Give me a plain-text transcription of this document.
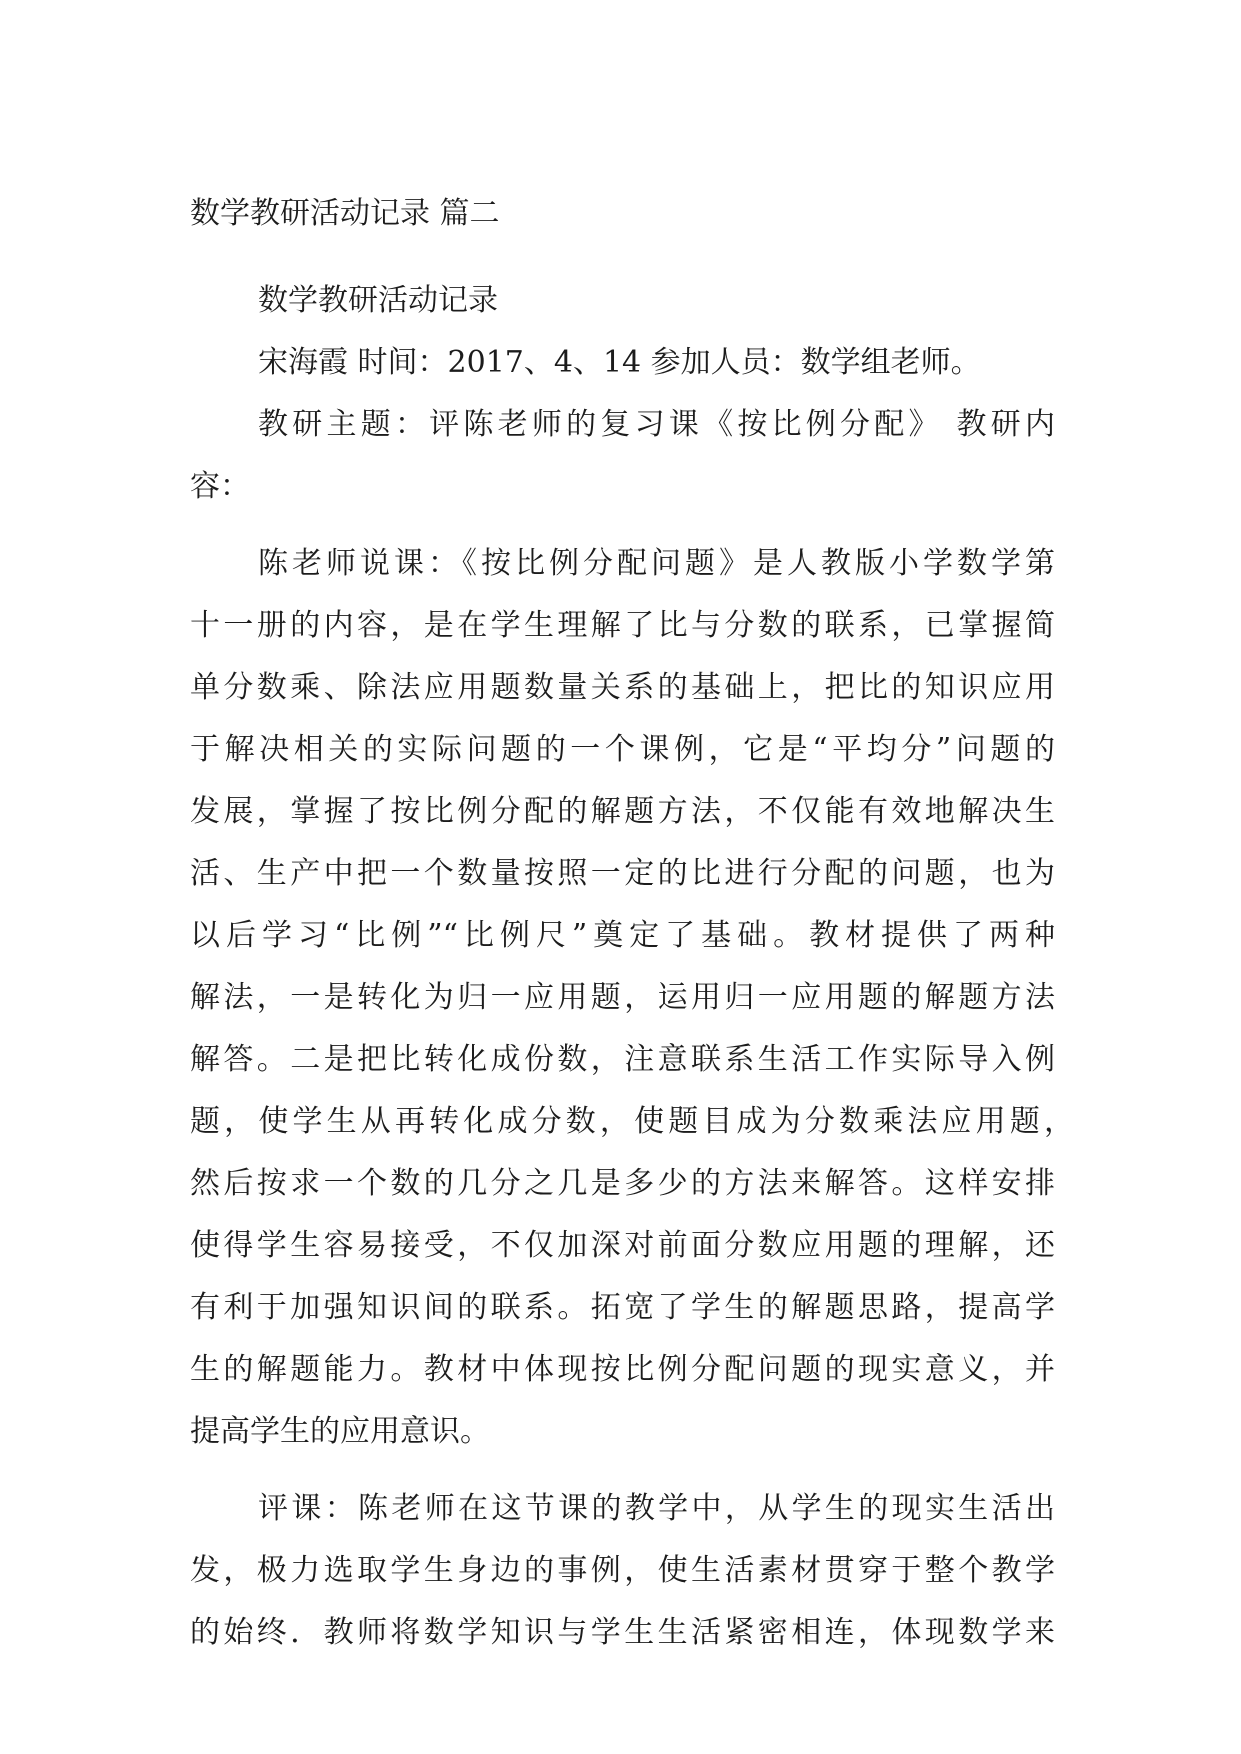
数学教研活动记录 篇二
数学教研活动记录
宋海霞 时间：2017、4、14 参加人员：数学组老师。
教研主题：评陈老师的复习课《按比例分配》 教研内
容：
陈老师说课：《按比例分配问题》是人教版小学数学第
十一册的内容，是在学生理解了比与分数的联系，已掌握简
单分数乘、除法应用题数量关系的基础上，把比的知识应用
于解决相关的实际问题的一个课例，它是“平均分”问题的
发展，掌握了按比例分配的解题方法，不仅能有效地解决生
活、生产中把一个数量按照一定的比进行分配的问题，也为
以后学习“比例”“比例尺”奠定了基础。教材提供了两种
解法，一是转化为归一应用题，运用归一应用题的解题方法
解答。二是把比转化成份数，注意联系生活工作实际导入例
题，使学生从再转化成分数，使题目成为分数乘法应用题，
然后按求一个数的几分之几是多少的方法来解答。这样安排
使得学生容易接受，不仅加深对前面分数应用题的理解，还
有利于加强知识间的联系。拓宽了学生的解题思路，提高学
生的解题能力。教材中体现按比例分配问题的现实意义，并
提高学生的应用意识。
评课：陈老师在这节课的教学中，从学生的现实生活出
发，极力选取学生身边的事例，使生活素材贯穿于整个教学
的始终．教师将数学知识与学生生活紧密相连，体现数学来
